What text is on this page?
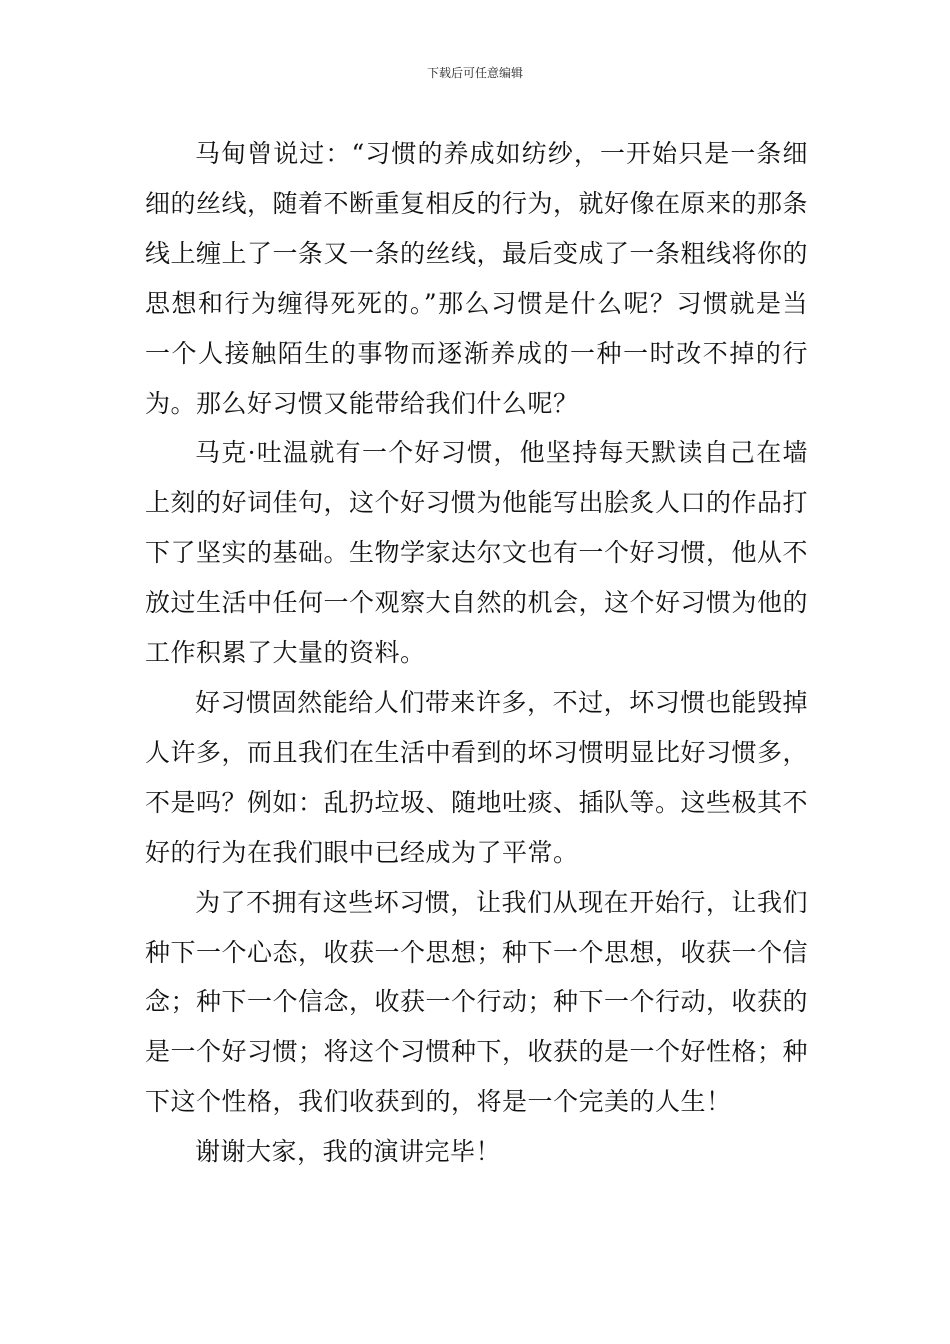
下载后可任意编辑

马甸曾说过：“习惯的养成如纺纱，一开始只是一条细细的丝线，随着不断重复相反的行为，就好像在原来的那条线上缠上了一条又一条的丝线，最后变成了一条粗线将你的思想和行为缠得死死的。”那么习惯是什么呢？习惯就是当一个人接触陌生的事物而逐渐养成的一种一时改不掉的行为。那么好习惯又能带给我们什么呢？

马克·吐温就有一个好习惯，他坚持每天默读自己在墙上刻的好词佳句，这个好习惯为他能写出脍炙人口的作品打下了坚实的基础。生物学家达尔文也有一个好习惯，他从不放过生活中任何一个观察大自然的机会，这个好习惯为他的工作积累了大量的资料。

好习惯固然能给人们带来许多，不过，坏习惯也能毁掉人许多，而且我们在生活中看到的坏习惯明显比好习惯多，不是吗？例如：乱扔垃圾、随地吐痰、插队等。这些极其不好的行为在我们眼中已经成为了平常。

为了不拥有这些坏习惯，让我们从现在开始行，让我们种下一个心态，收获一个思想；种下一个思想，收获一个信念；种下一个信念，收获一个行动；种下一个行动，收获的是一个好习惯；将这个习惯种下，收获的是一个好性格；种下这个性格，我们收获到的，将是一个完美的人生！

谢谢大家，我的演讲完毕！
